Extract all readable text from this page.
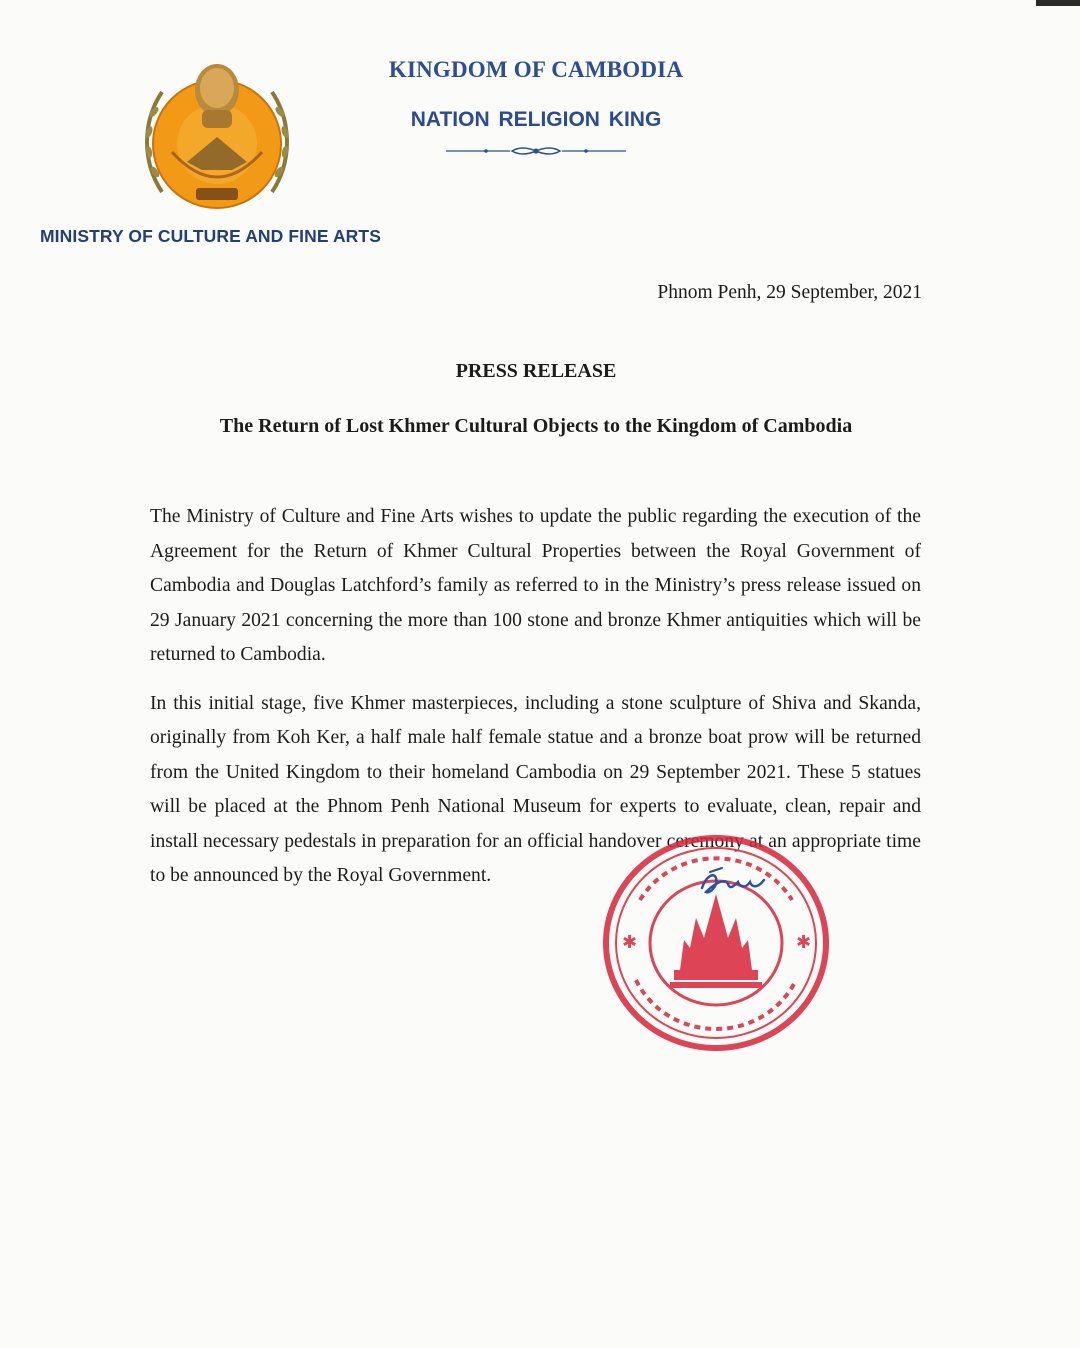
MINISTRY OF CULTURE AND FINE ARTS
KINGDOM OF CAMBODIA
NATION RELIGION KING
Phnom Penh, 29 September, 2021
PRESS RELEASE
The Return of Lost Khmer Cultural Objects to the Kingdom of Cambodia

The Ministry of Culture and Fine Arts wishes to update the public regarding the execution of the Agreement for the Return of Khmer Cultural Properties between the Royal Government of Cambodia and Douglas Latchford’s family as referred to in the Ministry’s press release issued on 29 January 2021 concerning the more than 100 stone and bronze Khmer antiquities which will be returned to Cambodia.

In this initial stage, five Khmer masterpieces, including a stone sculpture of Shiva and Skanda, originally from Koh Ker, a half male half female statue and a bronze boat prow will be returned from the United Kingdom to their homeland Cambodia on 29 September 2021. These 5 statues will be placed at the Phnom Penh National Museum for experts to evaluate, clean, repair and install necessary pedestals in preparation for an official handover ceremony at an appropriate time to be announced by the Royal Government.

✱	✱
